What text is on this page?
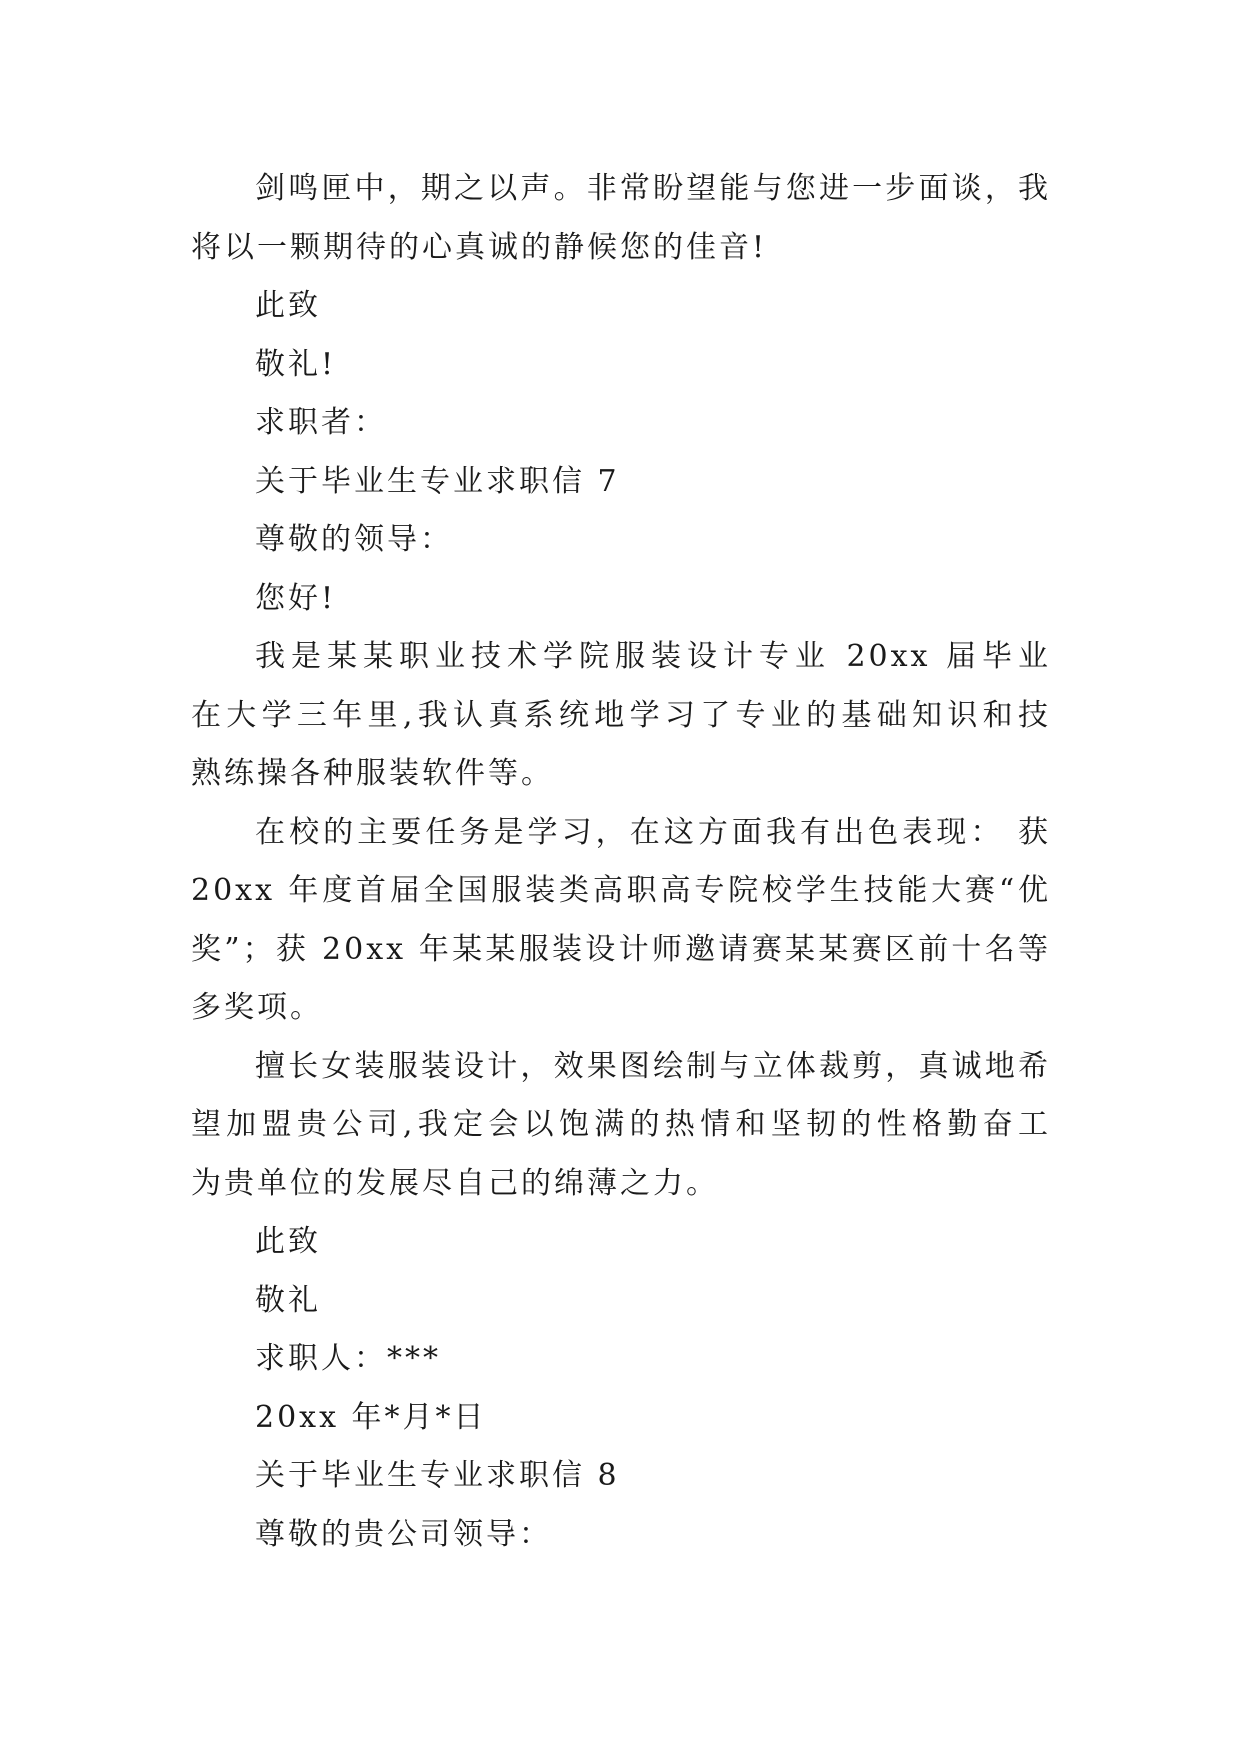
剑鸣匣中，期之以声。非常盼望能与您进一步面谈，我
将以一颗期待的心真诚的静候您的佳音!
此致
敬礼!
求职者：
关于毕业生专业求职信 7
尊敬的领导：
您好!
我是某某职业技术学院服装设计专业 20xx 届毕业
在大学三年里,我认真系统地学习了专业的基础知识和技
熟练操各种服装软件等。
在校的主要任务是学习，在这方面我有出色表现： 获
20xx 年度首届全国服装类高职高专院校学生技能大赛“优
奖”；获 20xx 年某某服装设计师邀请赛某某赛区前十名等
多奖项。
擅长女装服装设计，效果图绘制与立体裁剪，真诚地希
望加盟贵公司,我定会以饱满的热情和坚韧的性格勤奋工
为贵单位的发展尽自己的绵薄之力。
此致
敬礼
求职人：***
20xx 年*月*日
关于毕业生专业求职信 8
尊敬的贵公司领导：
